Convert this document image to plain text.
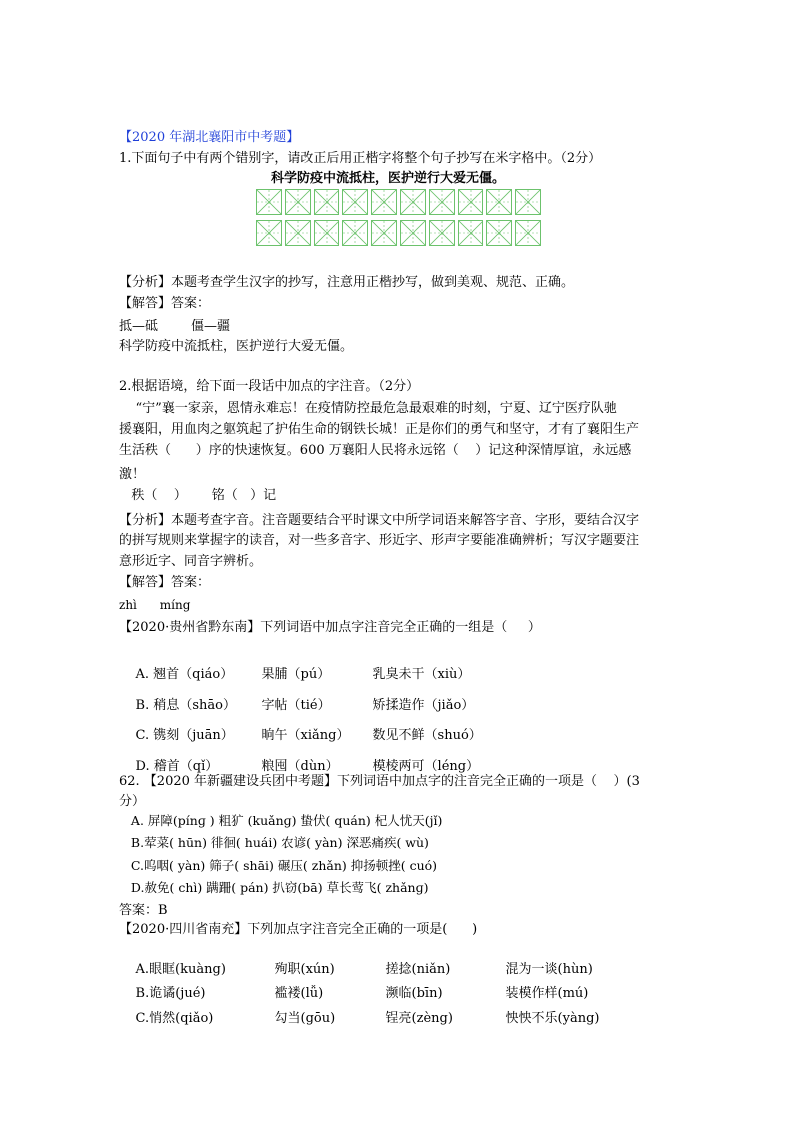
【2020 年湖北襄阳市中考题】
1.下面句子中有两个错别字，请改正后用正楷字将整个句子抄写在米字格中。（2分）
科学防疫中流抵柱，医护逆行大爱无僵。
【分析】本题考查学生汉字的抄写，注意用正楷抄写，做到美观、规范、正确。
【解答】答案：
抵—砥        僵—疆
科学防疫中流抵柱，医护逆行大爱无僵。
2.根据语境，给下面一段话中加点的字注音。（2分）
“宁”襄一家亲，恩情永难忘！在疫情防控最危急最艰难的时刻，宁夏、辽宁医疗队驰
援襄阳，用血肉之躯筑起了护佑生命的钢铁长城！正是你们的勇气和坚守，才有了襄阳生产
生活秩（      ）序的快速恢复。600 万襄阳人民将永远铭（    ）记这种深情厚谊，永远感
激！
秩（    ）      铭（   ）记
【分析】本题考查字音。注音题要结合平时课文中所学词语来解答字音、字形，要结合汉字
的拼写规则来掌握字的读音，对一些多音字、形近字、形声字要能准确辨析；写汉字题要注
意形近字、同音字辨析。
【解答】答案：
zhì      míng
【2020·贵州省黔东南】下列词语中加点字注音完全正确的一组是（     ）

A. 翘首（qiáo） 果脯（pú）	乳臭未干（xiù）

B. 稍息（shāo） 字帖（tié）	矫揉造作（jiǎo）

C. 镌刻（juān） 晌午（xiǎng） 数见不鲜（shuó）

D. 稽首（qǐ）	粮囤（dùn）	模棱两可（léng）

62. 【2020 年新疆建设兵团中考题】下列词语中加点字的注音完全正确的一项是（    ）(3
分）
A. 屏障(pínɡ ) 粗犷 (kuǎnɡ) 蛰伏( quán) 杞人忧天(jǐ)
B.荤菜( hūn) 徘徊( huái) 农谚( yàn) 深恶痛疾( wù)
C.呜咽( yàn) 筛子( shāi) 碾压( zhǎn) 抑扬顿挫( cuó)
D.赦免( chì) 蹒跚( pán) 扒窃(bā) 草长莺飞( zhǎnɡ)
答案：B
【2020·四川省南充】下列加点字注音完全正确的一项是(      )

A.眼眶(kuàng)	殉职(xún)	搓捻(niǎn)	混为一谈(hùn)

B.诡谲(jué)	褴褛(lǚ)	濒临(bīn)	装模作样(mú)

C.悄然(qiǎo)	勾当(gōu)	锃亮(zèng)	怏怏不乐(yàng)
